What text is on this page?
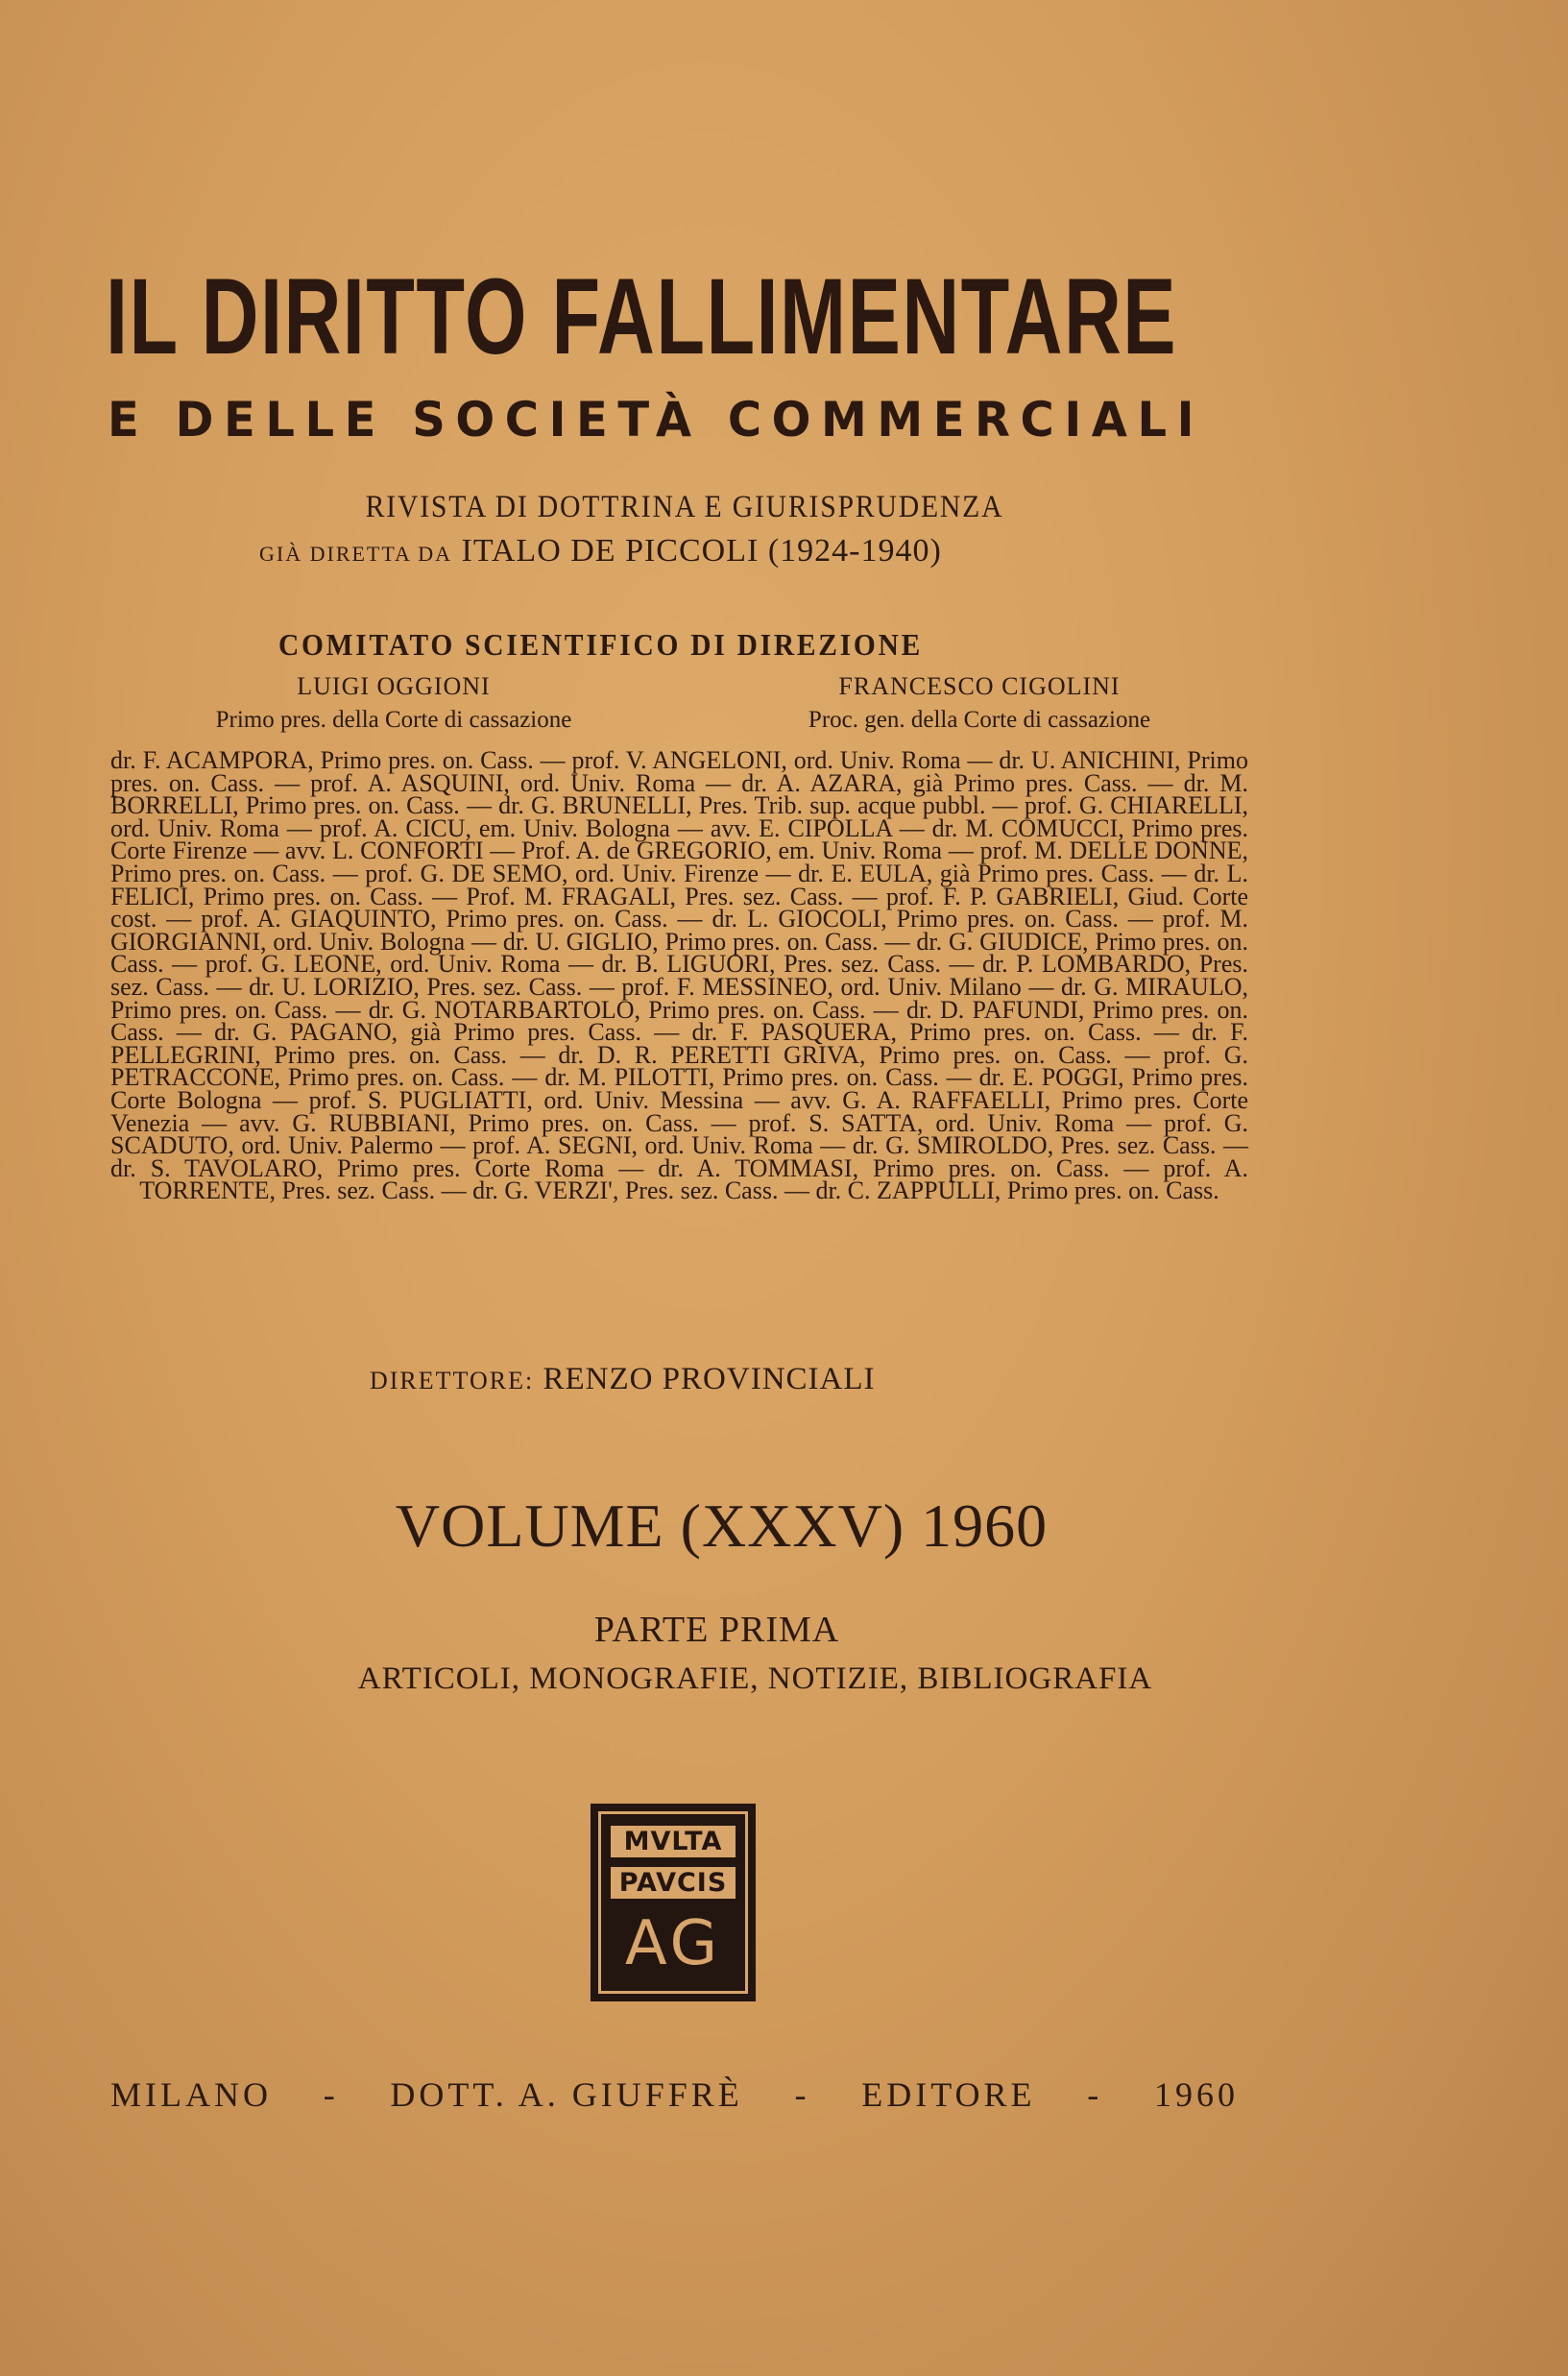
IL DIRITTO FALLIMENTARE
E DELLE SOCIETÀ COMMERCIALI
RIVISTA DI DOTTRINA E GIURISPRUDENZA
GIÀ DIRETTA DA ITALO DE PICCOLI (1924-1940)
COMITATO SCIENTIFICO DI DIREZIONE
LUIGI OGGIONI
Primo pres. della Corte di cassazione
FRANCESCO CIGOLINI
Proc. gen. della Corte di cassazione
dr. F. ACAMPORA, Primo pres. on. Cass. — prof. V. ANGELONI, ord. Univ. Roma — dr. U. ANICHINI, Primo pres. on. Cass. — prof. A. ASQUINI, ord. Univ. Roma — dr. A. AZARA, già Primo pres. Cass. — dr. M. BORRELLI, Primo pres. on. Cass. — dr. G. BRUNELLI, Pres. Trib. sup. acque pubbl. — prof. G. CHIARELLI, ord. Univ. Roma — prof. A. CICU, em. Univ. Bologna — avv. E. CIPOLLA — dr. M. COMUCCI, Primo pres. Corte Firenze — avv. L. CONFORTI — Prof. A. de GREGORIO, em. Univ. Roma — prof. M. DELLE DONNE, Primo pres. on. Cass. — prof. G. DE SEMO, ord. Univ. Firenze — dr. E. EULA, già Primo pres. Cass. — dr. L. FELICI, Primo pres. on. Cass. — Prof. M. FRAGALI, Pres. sez. Cass. — prof. F. P. GABRIELI, Giud. Corte cost. — prof. A. GIAQUINTO, Primo pres. on. Cass. — dr. L. GIOCOLI, Primo pres. on. Cass. — prof. M. GIORGIANNI, ord. Univ. Bologna — dr. U. GIGLIO, Primo pres. on. Cass. — dr. G. GIUDICE, Primo pres. on. Cass. — prof. G. LEONE, ord. Univ. Roma — dr. B. LIGUORI, Pres. sez. Cass. — dr. P. LOMBARDO, Pres. sez. Cass. — dr. U. LORIZIO, Pres. sez. Cass. — prof. F. MESSINEO, ord. Univ. Milano — dr. G. MIRAULO, Primo pres. on. Cass. — dr. G. NOTARBARTOLO, Primo pres. on. Cass. — dr. D. PAFUNDI, Primo pres. on. Cass. — dr. G. PAGANO, già Primo pres. Cass. — dr. F. PASQUERA, Primo pres. on. Cass. — dr. F. PELLEGRINI, Primo pres. on. Cass. — dr. D. R. PERETTI GRIVA, Primo pres. on. Cass. — prof. G. PETRACCONE, Primo pres. on. Cass. — dr. M. PILOTTI, Primo pres. on. Cass. — dr. E. POGGI, Primo pres. Corte Bologna — prof. S. PUGLIATTI, ord. Univ. Messina — avv. G. A. RAFFAELLI, Primo pres. Corte Venezia — avv. G. RUBBIANI, Primo pres. on. Cass. — prof. S. SATTA, ord. Univ. Roma — prof. G. SCADUTO, ord. Univ. Palermo — prof. A. SEGNI, ord. Univ. Roma — dr. G. SMIROLDO, Pres. sez. Cass. — dr. S. TAVOLARO, Primo pres. Corte Roma — dr. A. TOMMASI, Primo pres. on. Cass. — prof. A. TORRENTE, Pres. sez. Cass. — dr. G. VERZI', Pres. sez. Cass. — dr. C. ZAPPULLI, Primo pres. on. Cass.
DIRETTORE: RENZO PROVINCIALI
VOLUME (XXXV) 1960
PARTE PRIMA
ARTICOLI, MONOGRAFIE, NOTIZIE, BIBLIOGRAFIA
MVLTA
PAVCIS
AG
MILANO - DOTT. A. GIUFFRÈ - EDITORE - 1960
